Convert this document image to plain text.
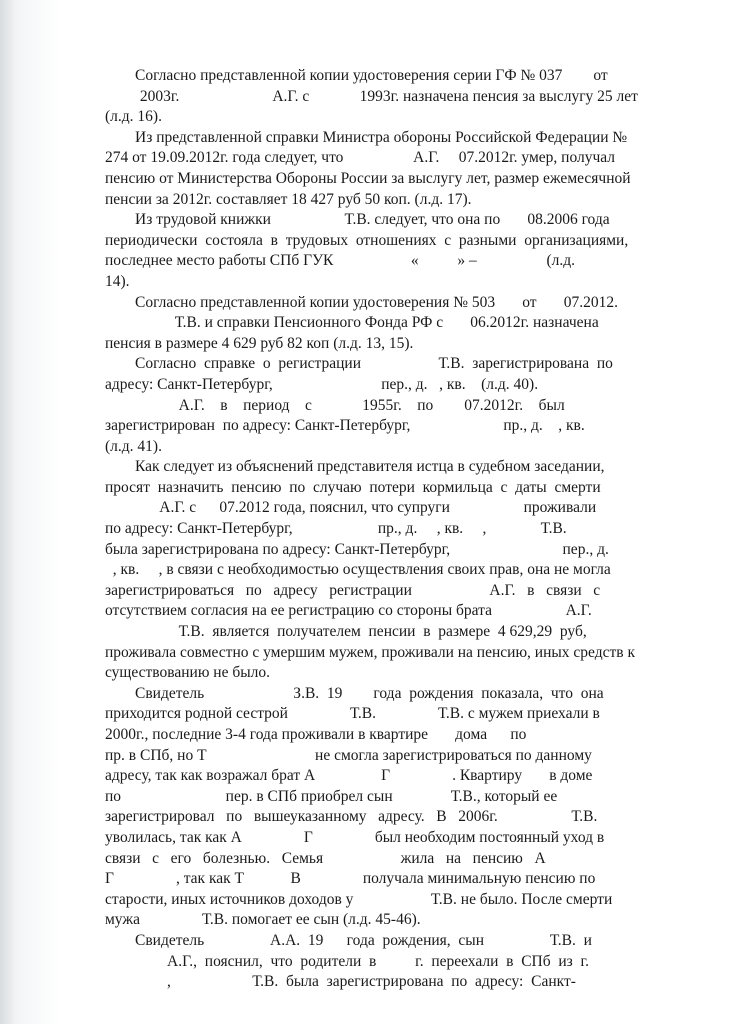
Согласно представленной копии удостоверения серии ГФ № 037        от
2003г.                        А.Г. с             1993г. назначена пенсия за выслугу 25 лет
(л.д. 16).
Из представленной справки Министра обороны Российской Федерации №
274 от 19.09.2012г. года следует, что                  А.Г.     07.2012г. умер, получал
пенсию от Министерства Обороны России за выслугу лет, размер ежемесячной
пенсии за 2012г. составляет 18 427 руб 50 коп. (л.д. 17).
Из трудовой книжки                   Т.В. следует, что она по       08.2006 года
периодически  состояла  в  трудовых  отношениях  с  разными  организациями,
последнее место работы СПб ГУК                    «          » –                  (л.д.
14).
Согласно представленной копии удостоверения № 503       от       07.2012.
Т.В. и справки Пенсионного Фонда РФ с       06.2012г. назначена
пенсия в размере 4 629 руб 82 коп (л.д. 13, 15).
Согласно  справке  о  регистрации                    Т.В.  зарегистрирована  по
адресу: Санкт-Петербург,                            пер., д.   , кв.    (л.д. 40).
А.Г.    в    период    с             1955г.    по        07.2012г.    был
зарегистрирован  по адресу: Санкт-Петербург,                        пр., д.    , кв.
(л.д. 41).
Как следует из объяснений представителя истца в судебном заседании,
просят  назначить  пенсию  по  случаю  потери  кормильца  с  даты  смерти
А.Г. с      07.2012 года, пояснил, что супруги                   проживали
по адресу: Санкт-Петербург,                      пр., д.     , кв.     ,              Т.В.
была зарегистрирована по адресу: Санкт-Петербург,                             пер., д.
, кв.     , в связи с необходимостью осуществления своих прав, она не могла
зарегистрироваться   по   адресу   регистрации                    А.Г.   в   связи   с
отсутствием согласия на ее регистрацию со стороны брата                   А.Г.
Т.В.  является  получателем  пенсии  в  размере  4 629,29  руб,
проживала совместно с умершим мужем, проживали на пенсию, иных средств к
существованию не было.
Свидетель                       З.В.  19        года  рождения  показала,  что  она
приходится родной сестрой                Т.В.                Т.В. с мужем приехали в
2000г., последние 3-4 года проживали в квартире       дома      по
пр. в СПб, но Т                            не смогла зарегистрироваться по данному
адресу, так как возражал брат А                 Г                . Квартиру       в доме
по                           пер. в СПб приобрел сын               Т.В., который ее
зарегистрировал   по   вышеуказанному   адресу.   В   2006г.                   Т.В.
уволилась, так как А                Г                был необходим постоянный уход в
связи   с   его   болезнью.   Семья                    жила   на   пенсию   А
Г                , так как Т            В                получала минимальную пенсию по
старости, иных источников доходов у                    Т.В. не было. После смерти
мужа                Т.В. помогает ее сын (л.д. 45-46).
Свидетель                 А.А.  19      года  рождения,  сын                 Т.В.  и
А.Г.,  пояснил,  что  родители  в          г.  переехали  в  СПб  из  г.
,                     Т.В.  была  зарегистрирована  по  адресу:  Санкт-
